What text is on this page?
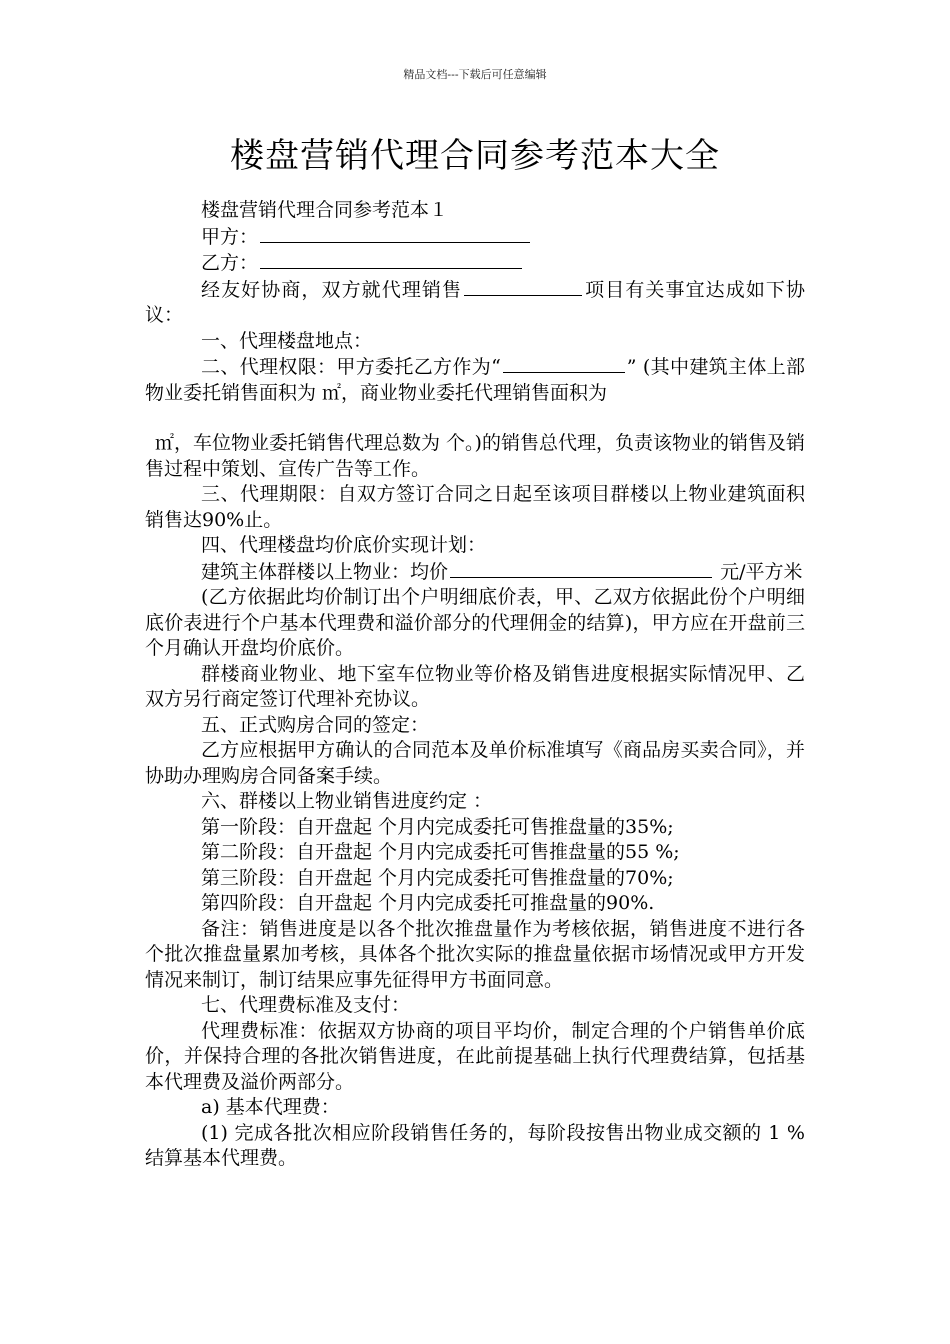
精品文档---下载后可任意编辑
楼盘营销代理合同参考范本大全

楼盘营销代理合同参考范本１

甲方：

乙方：

经友好协商，双方就代理销售	项目有关事宜达成如下协议：

一、代理楼盘地点：

二、代理权限：甲方委托乙方作为“	” (其中建筑主体上部物业委托销售面积为 ㎡，商业物业委托代理销售面积为

㎡，车位物业委托销售代理总数为 个。)的销售总代理，负责该物业的销售及销售过程中策划、宣传广告等工作。

三、代理期限：自双方签订合同之日起至该项目群楼以上物业建筑面积销售达90%止。

四、代理楼盘均价底价实现计划：

建筑主体群楼以上物业：均价	元/平方米

(乙方依据此均价制订出个户明细底价表，甲、乙双方依据此份个户明细底价表进行个户基本代理费和溢价部分的代理佣金的结算)，甲方应在开盘前三个月确认开盘均价底价。

群楼商业物业、地下室车位物业等价格及销售进度根据实际情况甲、乙双方另行商定签订代理补充协议。

五、正式购房合同的签定：

乙方应根据甲方确认的合同范本及单价标准填写《商品房买卖合同》，并协助办理购房合同备案手续。

六、群楼以上物业销售进度约定 ：

第一阶段：自开盘起 个月内完成委托可售推盘量的35%;

第二阶段：自开盘起 个月内完成委托可售推盘量的55 %;

第三阶段：自开盘起 个月内完成委托可售推盘量的70%;

第四阶段：自开盘起 个月内完成委托可推盘量的90%.

备注：销售进度是以各个批次推盘量作为考核依据，销售进度不进行各个批次推盘量累加考核，具体各个批次实际的推盘量依据市场情况或甲方开发情况来制订，制订结果应事先征得甲方书面同意。

七、代理费标准及支付：

代理费标准：依据双方协商的项目平均价，制定合理的个户销售单价底价，并保持合理的各批次销售进度，在此前提基础上执行代理费结算，包括基本代理费及溢价两部分。

a) 基本代理费：

(1) 完成各批次相应阶段销售任务的，每阶段按售出物业成交额的 1 % 结算基本代理费。
